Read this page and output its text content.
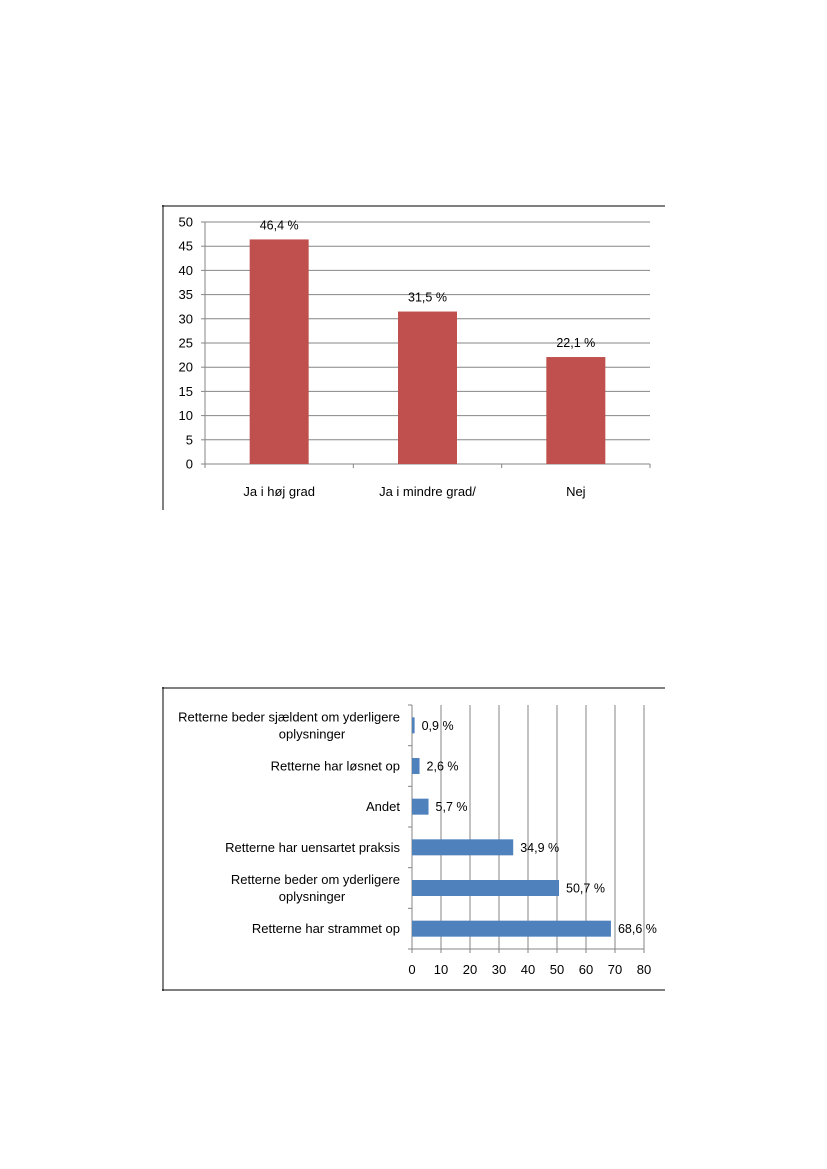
0
5
10
15
20
25
30
35
40
45
50	46,4 %
Ja i høj grad
31,5 %
Ja i mindre grad/
22,1 %
Nej
0 10 20 30 40 50 60 70 80
0,9 %
Retterne beder sjældent om yderligere
oplysninger
2,6 %
Retterne har løsnet op
5,7 %
Andet
34,9 %
Retterne har uensartet praksis
50,7 %
Retterne beder om yderligere
oplysninger
68,6 %
Retterne har strammet op
